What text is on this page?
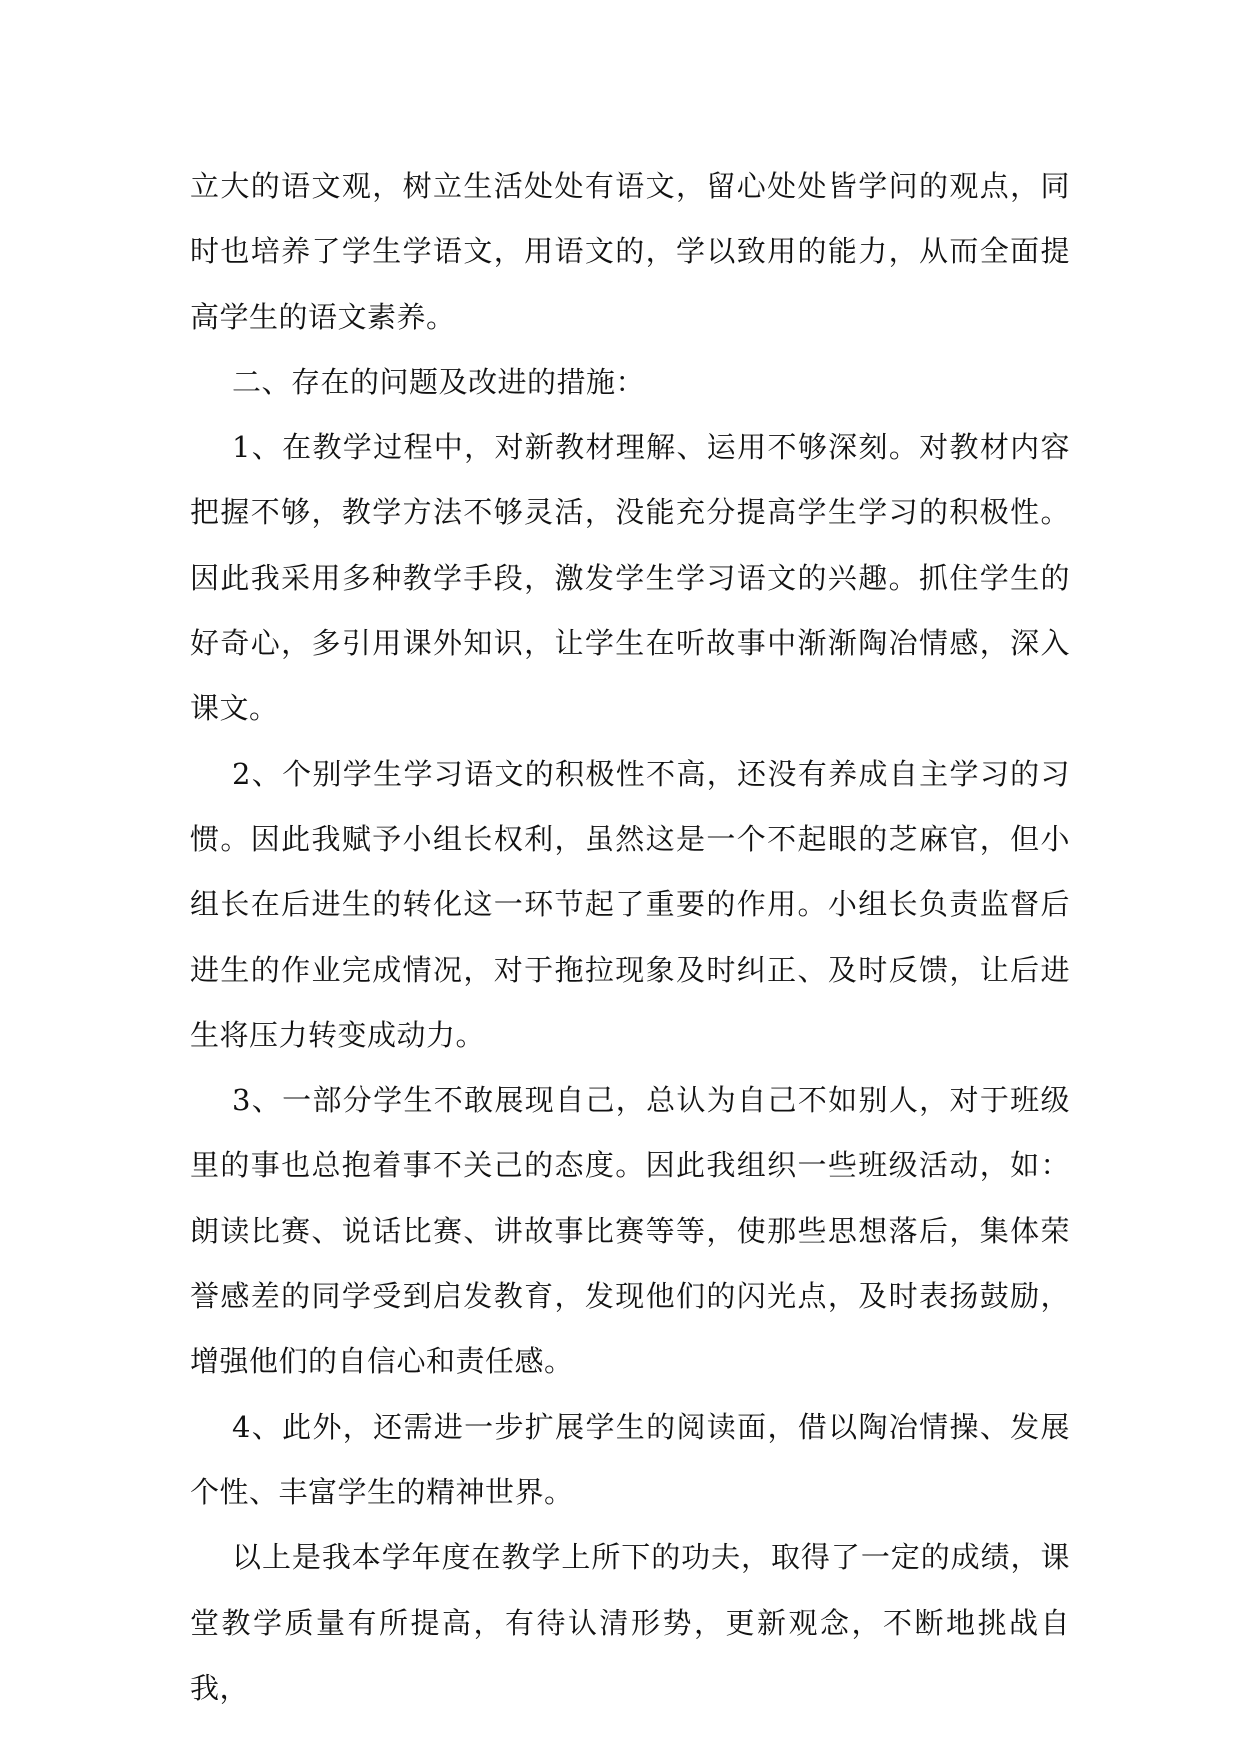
立大的语文观，树立生活处处有语文，留心处处皆学问的观点，同时也培养了学生学语文，用语文的，学以致用的能力，从而全面提高学生的语文素养。

二、存在的问题及改进的措施：

1、在教学过程中，对新教材理解、运用不够深刻。对教材内容把握不够，教学方法不够灵活，没能充分提高学生学习的积极性。因此我采用多种教学手段，激发学生学习语文的兴趣。抓住学生的好奇心，多引用课外知识，让学生在听故事中渐渐陶冶情感，深入课文。

2、个别学生学习语文的积极性不高，还没有养成自主学习的习惯。因此我赋予小组长权利，虽然这是一个不起眼的芝麻官，但小组长在后进生的转化这一环节起了重要的作用。小组长负责监督后进生的作业完成情况，对于拖拉现象及时纠正、及时反馈，让后进生将压力转变成动力。

3、一部分学生不敢展现自己，总认为自己不如别人，对于班级里的事也总抱着事不关己的态度。因此我组织一些班级活动，如：朗读比赛、说话比赛、讲故事比赛等等，使那些思想落后，集体荣誉感差的同学受到启发教育，发现他们的闪光点，及时表扬鼓励，增强他们的自信心和责任感。

4、此外，还需进一步扩展学生的阅读面，借以陶冶情操、发展个性、丰富学生的精神世界。

以上是我本学年度在教学上所下的功夫，取得了一定的成绩，课堂教学质量有所提高，有待认清形势，更新观念，不断地挑战自我，
